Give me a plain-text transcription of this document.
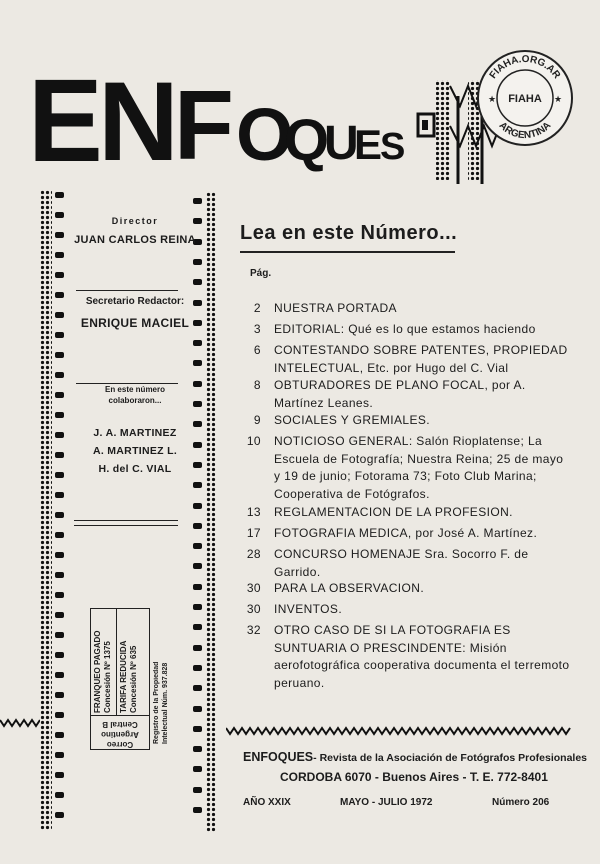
E
N
F O
Q
U
E
S
FIAHA.ORG.AR
ARGENTINA
FIAHA
★	★
Director
JUAN CARLOS REINA
Secretario Redactor:
ENRIQUE MACIEL
En este número
colaboraron...
J. A. MARTINEZ
A. MARTINEZ L.
H. del C. VIAL
FRANQUEO PAGADO
Concesión Nº 1375 TARIFA REDUCIDA
Concesión Nº 635
Correo
Argentino
Central B	Registro de la Propiedad Intelectual Núm. 937.828
Lea en este Número...
Pág.
2 NUESTRA PORTADA
3 EDITORIAL: Qué es lo que estamos haciendo
6 CONTESTANDO SOBRE PATENTES, PROPIEDAD INTELECTUAL, Etc. por Hugo del C. Vial
8 OBTURADORES DE PLANO FOCAL, por A. Martínez Leanes.
9 SOCIALES Y GREMIALES.
10 NOTICIOSO GENERAL: Salón Rioplatense; La Escuela de Fotografía; Nuestra Reina; 25 de mayo y 19 de junio; Fotorama 73; Foto Club Marina; Cooperativa de Fotógrafos.
13 REGLAMENTACION DE LA PROFESION.
17 FOTOGRAFIA MEDICA, por José A. Martínez.
28 CONCURSO HOMENAJE Sra. Socorro F. de Garrido.
30 PARA LA OBSERVACION.
30 INVENTOS.
32 OTRO CASO DE SI LA FOTOGRAFIA ES SUNTUARIA O PRESCINDENTE: Misión aerofotográfica cooperativa documenta el terremoto peruano.
ENFOQUES- Revista de la Asociación de Fotógrafos Profesionales
CORDOBA 6070 - Buenos Aires - T. E. 772-8401
AÑO XXIX	MAYO - JULIO 1972	Número 206
